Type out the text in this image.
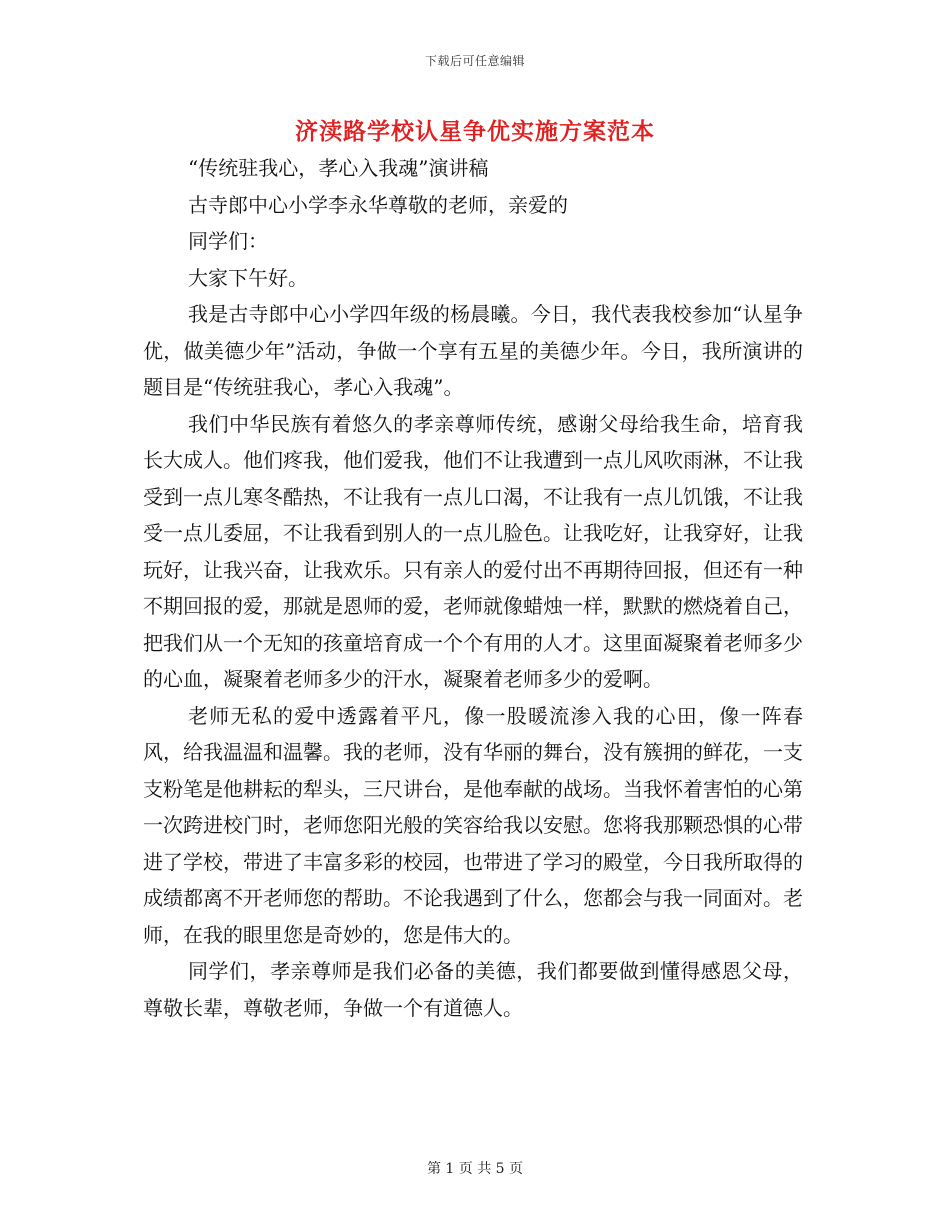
下载后可任意编辑
济渎路学校认星争优实施方案范本

“传统驻我心，孝心入我魂”演讲稿

古寺郎中心小学李永华尊敬的老师，亲爱的

同学们：

大家下午好。

我是古寺郎中心小学四年级的杨晨曦。今日，我代表我校参加“认星争优，做美德少年”活动，争做一个享有五星的美德少年。今日，我所演讲的题目是“传统驻我心，孝心入我魂”。

我们中华民族有着悠久的孝亲尊师传统，感谢父母给我生命，培育我长大成人。他们疼我，他们爱我，他们不让我遭到一点儿风吹雨淋，不让我受到一点儿寒冬酷热，不让我有一点儿口渴，不让我有一点儿饥饿，不让我受一点儿委屈，不让我看到别人的一点儿脸色。让我吃好，让我穿好，让我玩好，让我兴奋，让我欢乐。只有亲人的爱付出不再期待回报，但还有一种不期回报的爱，那就是恩师的爱，老师就像蜡烛一样，默默的燃烧着自己，把我们从一个无知的孩童培育成一个个有用的人才。这里面凝聚着老师多少的心血，凝聚着老师多少的汗水，凝聚着老师多少的爱啊。

老师无私的爱中透露着平凡，像一股暖流渗入我的心田，像一阵春风，给我温温和温馨。我的老师，没有华丽的舞台，没有簇拥的鲜花，一支支粉笔是他耕耘的犁头，三尺讲台，是他奉献的战场。当我怀着害怕的心第一次跨进校门时，老师您阳光般的笑容给我以安慰。您将我那颗恐惧的心带进了学校，带进了丰富多彩的校园，也带进了学习的殿堂，今日我所取得的成绩都离不开老师您的帮助。不论我遇到了什么，您都会与我一同面对。老师，在我的眼里您是奇妙的，您是伟大的。

同学们，孝亲尊师是我们必备的美德，我们都要做到懂得感恩父母，尊敬长辈，尊敬老师，争做一个有道德人。

第 1 页 共 5 页
